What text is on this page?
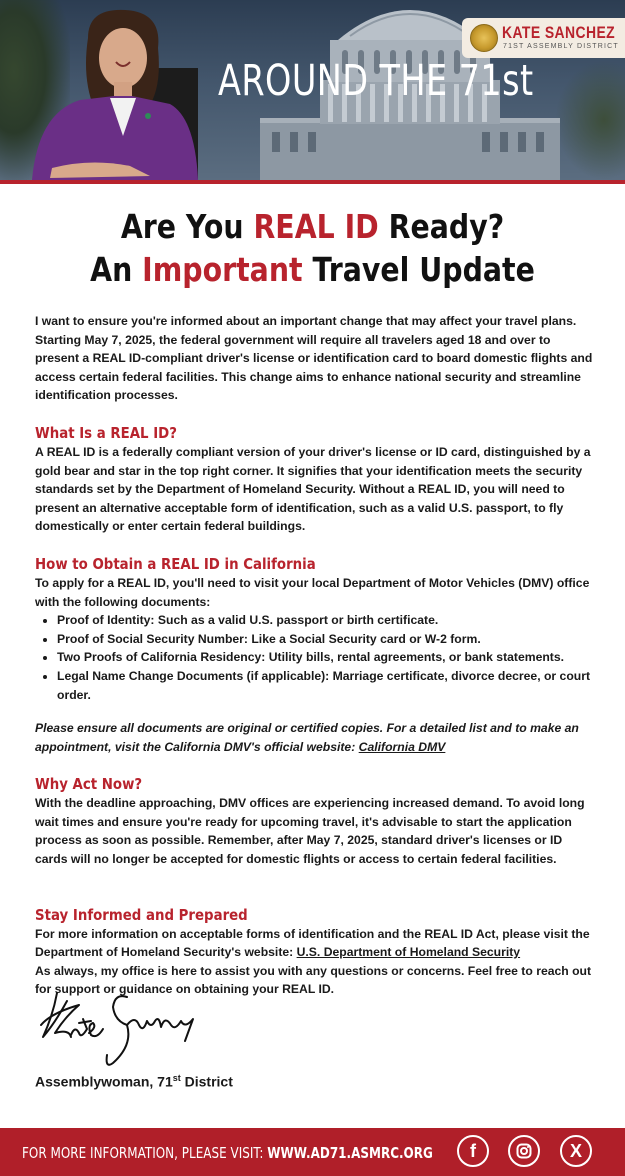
KATE SANCHEZ
71ST ASSEMBLY DISTRICT
AROUND THE 71st
Are You REAL ID Ready?
An Important Travel Update

I want to ensure you're informed about an important change that may affect your travel plans. Starting May 7, 2025, the federal government will require all travelers aged 18 and over to present a REAL ID-compliant driver's license or identification card to board domestic flights and access certain federal facilities. This change aims to enhance national security and streamline identification processes.

What Is a REAL ID?

A REAL ID is a federally compliant version of your driver's license or ID card, distinguished by a gold bear and star in the top right corner. It signifies that your identification meets the security standards set by the Department of Homeland Security. Without a REAL ID, you will need to present an alternative acceptable form of identification, such as a valid U.S. passport, to fly domestically or enter certain federal buildings.

How to Obtain a REAL ID in California

To apply for a REAL ID, you'll need to visit your local Department of Motor Vehicles (DMV) office with the following documents:

• Proof of Identity: Such as a valid U.S. passport or birth certificate.
• Proof of Social Security Number: Like a Social Security card or W-2 form.
• Two Proofs of California Residency: Utility bills, rental agreements, or bank statements.
• Legal Name Change Documents (if applicable): Marriage certificate, divorce decree, or court order.

Please ensure all documents are original or certified copies. For a detailed list and to make an appointment, visit the California DMV's official website: California DMV

Why Act Now?

With the deadline approaching, DMV offices are experiencing increased demand. To avoid long wait times and ensure you're ready for upcoming travel, it's advisable to start the application process as soon as possible. Remember, after May 7, 2025, standard driver's licenses or ID cards will no longer be accepted for domestic flights or access to certain federal facilities.

Stay Informed and Prepared

For more information on acceptable forms of identification and the REAL ID Act, please visit the Department of Homeland Security's website: U.S. Department of Homeland Security

As always, my office is here to assist you with any questions or concerns. Feel free to reach out for support or guidance on obtaining your REAL ID.

Assemblywoman, 71st District
FOR MORE INFORMATION, PLEASE VISIT: WWW.AD71.ASMRC.ORG	f	X
